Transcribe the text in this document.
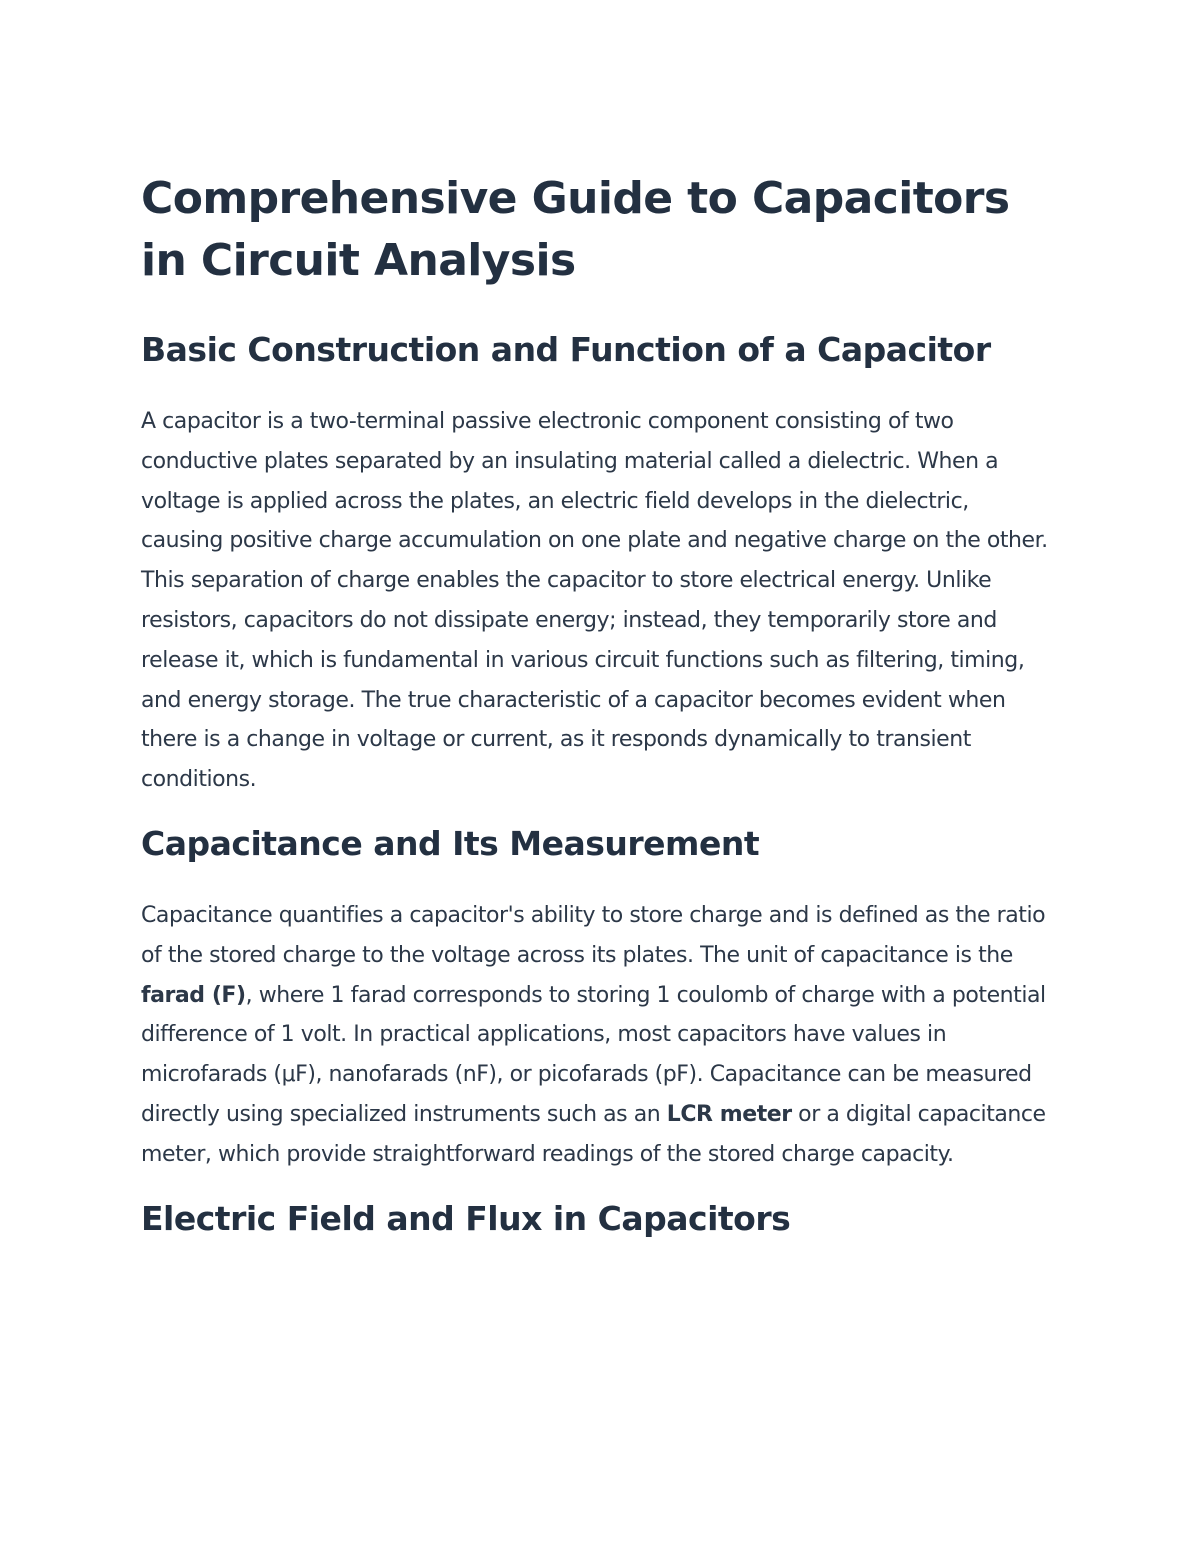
Comprehensive Guide to Capacitors in Circuit Analysis
Basic Construction and Function of a Capacitor

A capacitor is a two-terminal passive electronic component consisting of two conductive plates separated by an insulating material called a dielectric. When a voltage is applied across the plates, an electric field develops in the dielectric, causing positive charge accumulation on one plate and negative charge on the other. This separation of charge enables the capacitor to store electrical energy. Unlike resistors, capacitors do not dissipate energy; instead, they temporarily store and release it, which is fundamental in various circuit functions such as filtering, timing, and energy storage. The true characteristic of a capacitor becomes evident when there is a change in voltage or current, as it responds dynamically to transient conditions.

Capacitance and Its Measurement

Capacitance quantifies a capacitor's ability to store charge and is defined as the ratio of the stored charge to the voltage across its plates. The unit of capacitance is the farad (F), where 1 farad corresponds to storing 1 coulomb of charge with a potential difference of 1 volt. In practical applications, most capacitors have values in microfarads (μF), nanofarads (nF), or picofarads (pF). Capacitance can be measured directly using specialized instruments such as an LCR meter or a digital capacitance meter, which provide straightforward readings of the stored charge capacity.

Electric Field and Flux in Capacitors
